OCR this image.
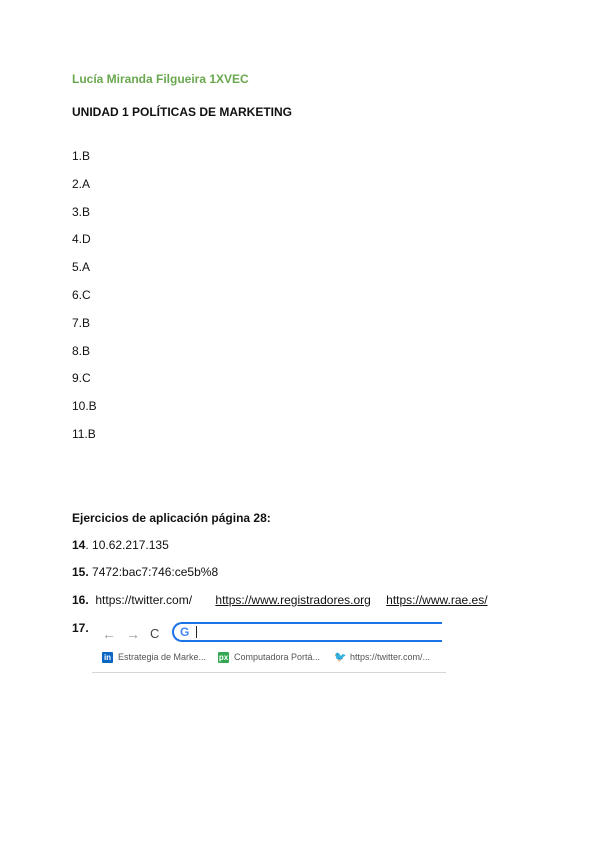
Lucía Miranda Filgueira 1XVEC
UNIDAD 1 POLÍTICAS DE MARKETING
1.B
2.A
3.B
4.D
5.A
6.C
7.B
8.B
9.C
10.B
11.B
Ejercicios de aplicación página 28:
14. 10.62.217.135
15. 7472:bac7:746:ce5b%8
16. https://twitter.com/ https://www.registradores.org https://www.rae.es/
17. ← → C G
in Estrategia de Marke... px Computadora Portá... 🐦 https://twitter.com/...
